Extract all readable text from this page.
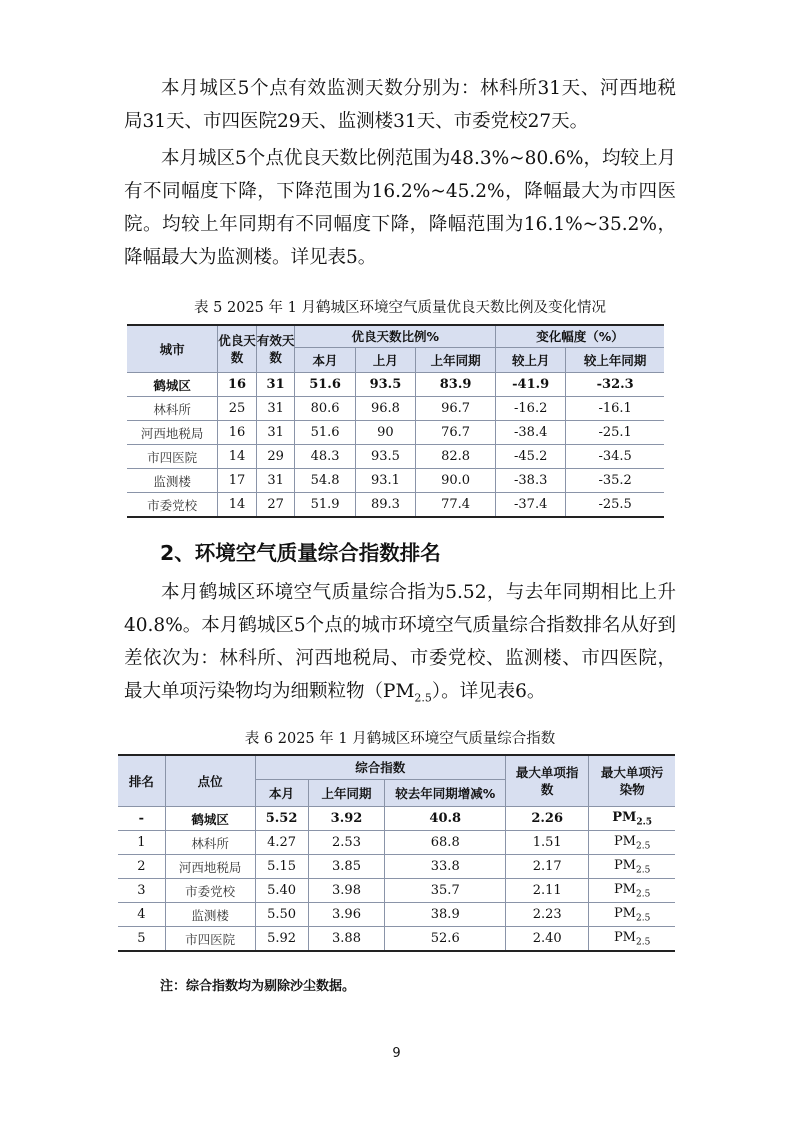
本月城区5个点有效监测天数分别为：林科所31天、河西地税局31天、市四医院29天、监测楼31天、市委党校27天。

本月城区5个点优良天数比例范围为48.3%~80.6%，均较上月有不同幅度下降，下降范围为16.2%~45.2%，降幅最大为市四医院。均较上年同期有不同幅度下降，降幅范围为16.1%~35.2%，降幅最大为监测楼。详见表5。

表 5 2025 年 1 月鹤城区环境空气质量优良天数比例及变化情况

城市	优良天数	有效天数	优良天数比例%			变化幅度（%）	
			本月	上月	上年同期	较上月	较上年同期
鹤城区	16	31	51.6	93.5	83.9	-41.9	-32.3
林科所	25	31	80.6	96.8	96.7	-16.2	-16.1
河西地税局	16	31	51.6	90	76.7	-38.4	-25.1
市四医院	14	29	48.3	93.5	82.8	-45.2	-34.5
监测楼	17	31	54.8	93.1	90.0	-38.3	-35.2
市委党校	14	27	51.9	89.3	77.4	-37.4	-25.5
2、环境空气质量综合指数排名
本月鹤城区环境空气质量综合指为5.52，与去年同期相比上升40.8%。本月鹤城区5个点的城市环境空气质量综合指数排名从好到差依次为：林科所、河西地税局、市委党校、监测楼、市四医院，最大单项污染物均为细颗粒物$(PM_{2.5})$。详见表6。

表 6 2025 年 1 月鹤城区环境空气质量综合指数

排名	点位	综合指数			最大单项指数	最大单项污染物
		本月	上年同期	较去年同期增减%		
-	鹤城区	5.52	3.92	40.8	2.26	$PM_{2.5}$
1	林科所	4.27	2.53	68.8	1.51	$PM_{2.5}$
2	河西地税局	5.15	3.85	33.8	2.17	$PM_{2.5}$
3	市委党校	5.40	3.98	35.7	2.11	$PM_{2.5}$
4	监测楼	5.50	3.96	38.9	2.23	$PM_{2.5}$
5	市四医院	5.92	3.88	52.6	2.40	$PM_{2.5}$

注：综合指数均为剔除沙尘数据。

9
